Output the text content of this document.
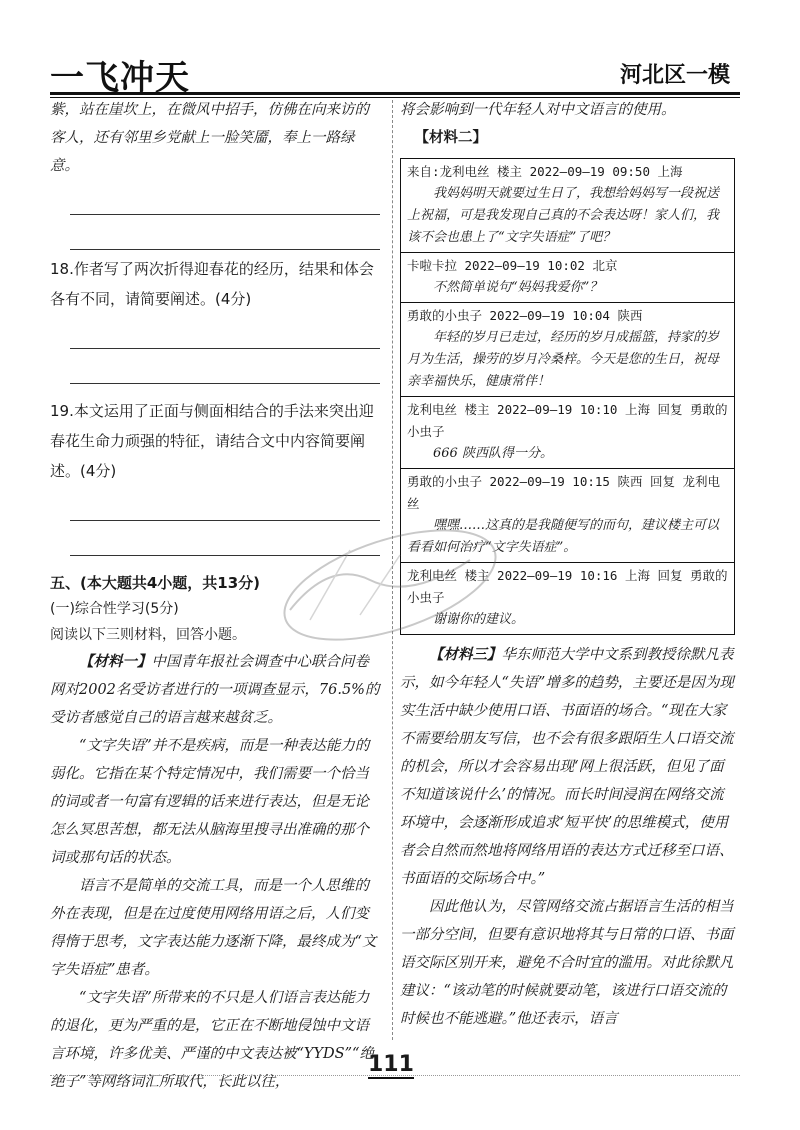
一飞冲天	河北区一模

紫，站在崖坎上，在微风中招手，仿佛在向来访的客人，还有邻里乡党献上一脸笑靥，奉上一路绿意。

18.作者写了两次折得迎春花的经历，结果和体会各有不同，请简要阐述。(4分)

19.本文运用了正面与侧面相结合的手法来突出迎春花生命力顽强的特征，请结合文中内容简要阐述。(4分)

五、(本大题共4小题，共13分)

(一)综合性学习(5分)

阅读以下三则材料，回答小题。

【材料一】中国青年报社会调查中心联合问卷网对2002名受访者进行的一项调查显示，76.5%的受访者感觉自己的语言越来越贫乏。

“文字失语”并不是疾病，而是一种表达能力的弱化。它指在某个特定情况中，我们需要一个恰当的词或者一句富有逻辑的话来进行表达，但是无论怎么冥思苦想，都无法从脑海里搜寻出准确的那个词或那句话的状态。

语言不是简单的交流工具，而是一个人思维的外在表现，但是在过度使用网络用语之后，人们变得惰于思考，文字表达能力逐渐下降，最终成为“文字失语症”患者。

“文字失语”所带来的不只是人们语言表达能力的退化，更为严重的是，它正在不断地侵蚀中文语言环境，许多优美、严谨的中文表达被“YYDS”“绝绝子”等网络词汇所取代，长此以往，

将会影响到一代年轻人对中文语言的使用。

【材料二】

来自:龙利电丝 楼主 2022—09—19 09:50 上海
我妈妈明天就要过生日了，我想给妈妈写一段祝送上祝福，可是我发现自己真的不会表达呀！家人们，我该不会也患上了“文字失语症”了吧？
卡啦卡拉 2022—09—19 10:02 北京
不然简单说句“妈妈我爱你”？
勇敢的小虫子 2022—09—19 10:04 陕西
年轻的岁月已走过，经历的岁月成摇篮，持家的岁月为生活，操劳的岁月冷桑梓。今天是您的生日，祝母亲幸福快乐，健康常伴！
龙利电丝 楼主 2022—09—19 10:10 上海 回复 勇敢的小虫子
666 陕西队得一分。
勇敢的小虫子 2022—09—19 10:15 陕西 回复 龙利电丝
嘿嘿……这真的是我随便写的而句，建议楼主可以看看如何治疗“文字失语症”。
龙利电丝 楼主 2022—09—19 10:16 上海 回复 勇敢的小虫子
谢谢你的建议。

【材料三】华东师范大学中文系到教授徐默凡表示，如今年轻人“失语”增多的趋势，主要还是因为现实生活中缺少使用口语、书面语的场合。“现在大家不需要给朋友写信，也不会有很多跟陌生人口语交流的机会，所以才会容易出现‘网上很活跃，但见了面不知道该说什么’的情况。而长时间浸润在网络交流环境中，会逐渐形成追求‘短平快’的思维模式，使用者会自然而然地将网络用语的表达方式迁移至口语、书面语的交际场合中。”

因此他认为，尽管网络交流占据语言生活的相当一部分空间，但要有意识地将其与日常的口语、书面语交际区别开来，避免不合时宜的滥用。对此徐默凡建议：“该动笔的时候就要动笔，该进行口语交流的时候也不能逃避。”他还表示，语言

111
